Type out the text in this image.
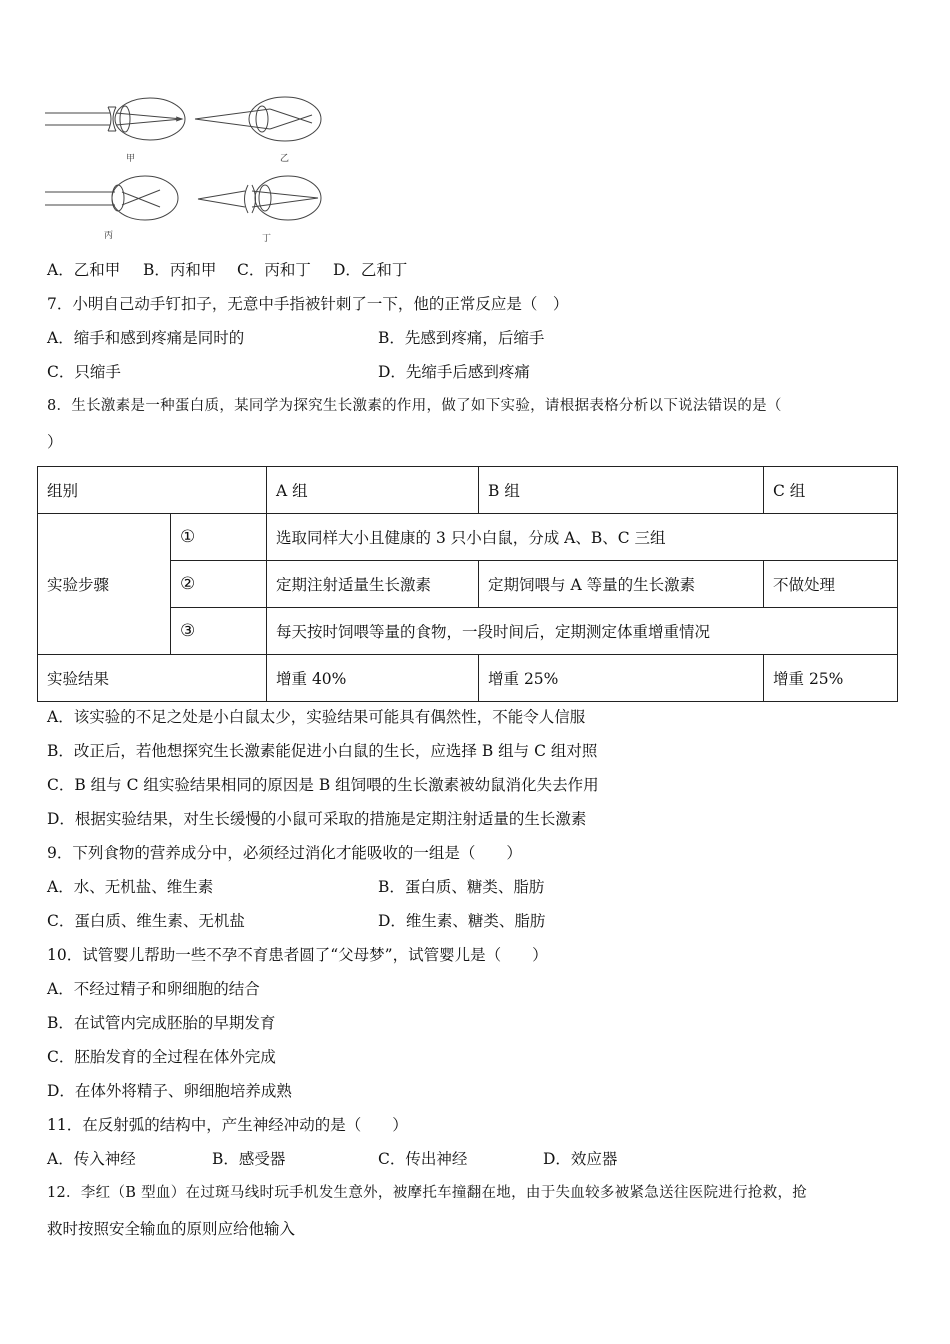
甲	乙
丙	丁
A．乙和甲 B．丙和甲 C．丙和丁 D．乙和丁
7．小明自己动手钉扣子，无意中手指被针刺了一下，他的正常反应是（　）
A．缩手和感到疼痛是同时的	B．先感到疼痛，后缩手
C．只缩手	D．先缩手后感到疼痛
8．生长激素是一种蛋白质，某同学为探究生长激素的作用，做了如下实验，请根据表格分析以下说法错误的是（
）
组别		A 组	B 组	C 组
实验步骤	①	选取同样大小且健康的 3 只小白鼠，分成 A、B、C 三组		
	②	定期注射适量生长激素	定期饲喂与 A 等量的生长激素	不做处理
	③	每天按时饲喂等量的食物，一段时间后，定期测定体重增重情况		
实验结果		增重 40%	增重 25%	增重 25%
A．该实验的不足之处是小白鼠太少，实验结果可能具有偶然性，不能令人信服
B．改正后，若他想探究生长激素能促进小白鼠的生长，应选择 B 组与 C 组对照
C．B 组与 C 组实验结果相同的原因是 B 组饲喂的生长激素被幼鼠消化失去作用
D．根据实验结果，对生长缓慢的小鼠可采取的措施是定期注射适量的生长激素
9．下列食物的营养成分中，必须经过消化才能吸收的一组是（　　）
A．水、无机盐、维生素	B．蛋白质、糖类、脂肪
C．蛋白质、维生素、无机盐	D．维生素、糖类、脂肪
10．试管婴儿帮助一些不孕不育患者圆了“父母梦”，试管婴儿是（　　）
A．不经过精子和卵细胞的结合
B．在试管内完成胚胎的早期发育
C．胚胎发育的全过程在体外完成
D．在体外将精子、卵细胞培养成熟
11．在反射弧的结构中，产生神经冲动的是（　　）
A．传入神经	B．感受器	C．传出神经	D．效应器
12．李红（B 型血）在过斑马线时玩手机发生意外，被摩托车撞翻在地，由于失血较多被紧急送往医院进行抢救，抢
救时按照安全输血的原则应给他输入
